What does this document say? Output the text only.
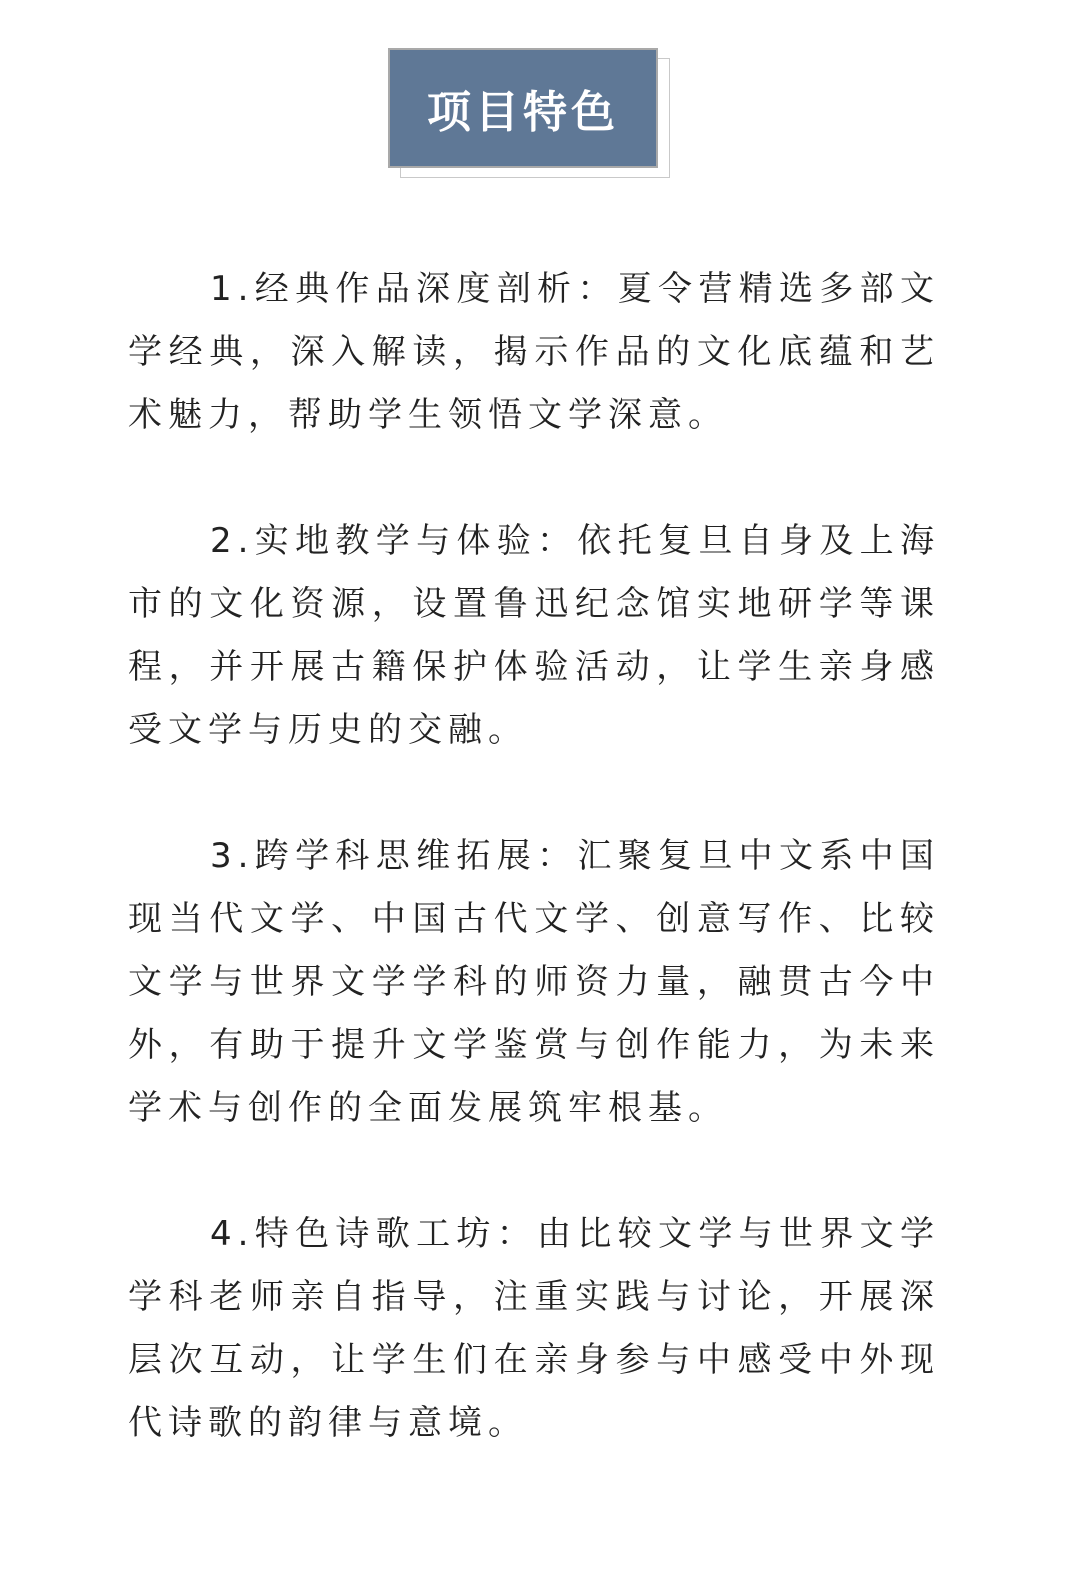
项目特色

1.经典作品深度剖析：夏令营精选多部文学经典，深入解读，揭示作品的文化底蕴和艺术魅力，帮助学生领悟文学深意。

2.实地教学与体验：依托复旦自身及上海市的文化资源，设置鲁迅纪念馆实地研学等课程，并开展古籍保护体验活动，让学生亲身感受文学与历史的交融。

3.跨学科思维拓展：汇聚复旦中文系中国现当代文学、中国古代文学、创意写作、比较文学与世界文学学科的师资力量，融贯古今中外，有助于提升文学鉴赏与创作能力，为未来学术与创作的全面发展筑牢根基。

4.特色诗歌工坊：由比较文学与世界文学学科老师亲自指导，注重实践与讨论，开展深层次互动，让学生们在亲身参与中感受中外现代诗歌的韵律与意境。
